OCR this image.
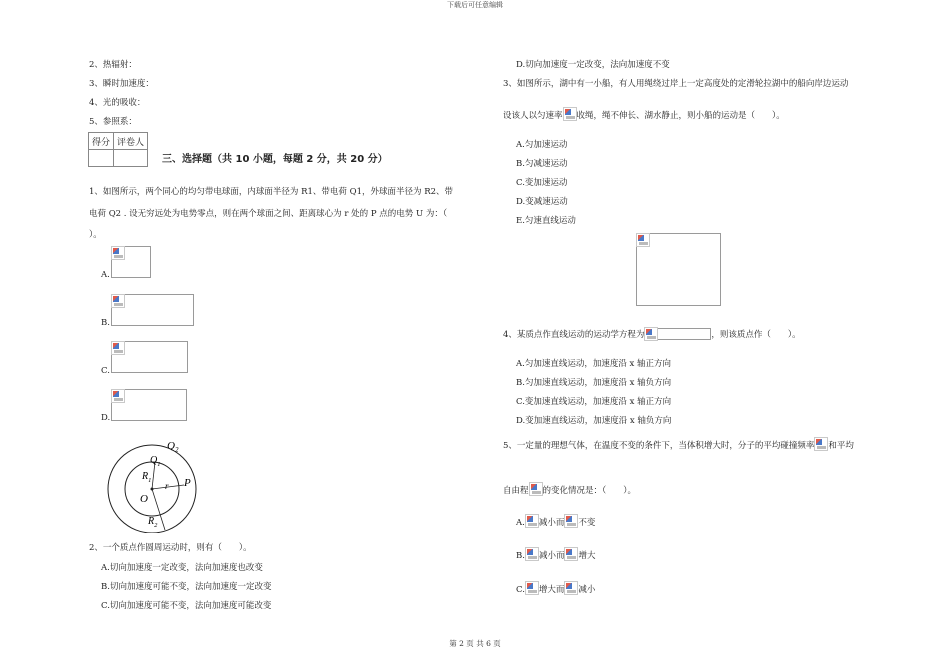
下载后可任意编辑
2、热辐射：
3、瞬时加速度：
4、光的吸收：
5、参照系：
得分	评卷人

三、选择题（共 10 小题，每题 2 分，共 20 分）
1、如图所示，两个同心的均匀带电球面，内球面半径为 R1、带电荷 Q1，外球面半径为 R2、带
电荷 Q2 . 设无穷远处为电势零点，则在两个球面之间、距离球心为 r 处的 P 点的电势 U 为：（
）。
A.
B.
C.
D.
$Q_2$
$Q_1$
$R_1$
O
r P
$R_2$
2、一个质点作圆周运动时，则有（　　）。
A.切向加速度一定改变，法向加速度也改变
B.切向加速度可能不变，法向加速度一定改变
C.切向加速度可能不变，法向加速度可能改变
D.切向加速度一定改变，法向加速度不变
3、如图所示，湖中有一小船，有人用绳绕过岸上一定高度处的定滑轮拉湖中的船向岸边运动
设该人以匀速率 收绳，绳不伸长、湖水静止，则小船的运动是（　　）。
A.匀加速运动
B.匀减速运动
C.变加速运动
D.变减速运动
E.匀速直线运动
4、某质点作直线运动的运动学方程为	，则该质点作（　　）。
A.匀加速直线运动，加速度沿 x 轴正方向
B.匀加速直线运动，加速度沿 x 轴负方向
C.变加速直线运动，加速度沿 x 轴正方向
D.变加速直线运动，加速度沿 x 轴负方向
5、一定量的理想气体，在温度不变的条件下，当体积增大时，分子的平均碰撞频率 和平均
自由程 的变化情况是：（　　）。
A. 减小而 不变
B. 减小而 增大
C. 增大而 减小
第 2 页 共 6 页
